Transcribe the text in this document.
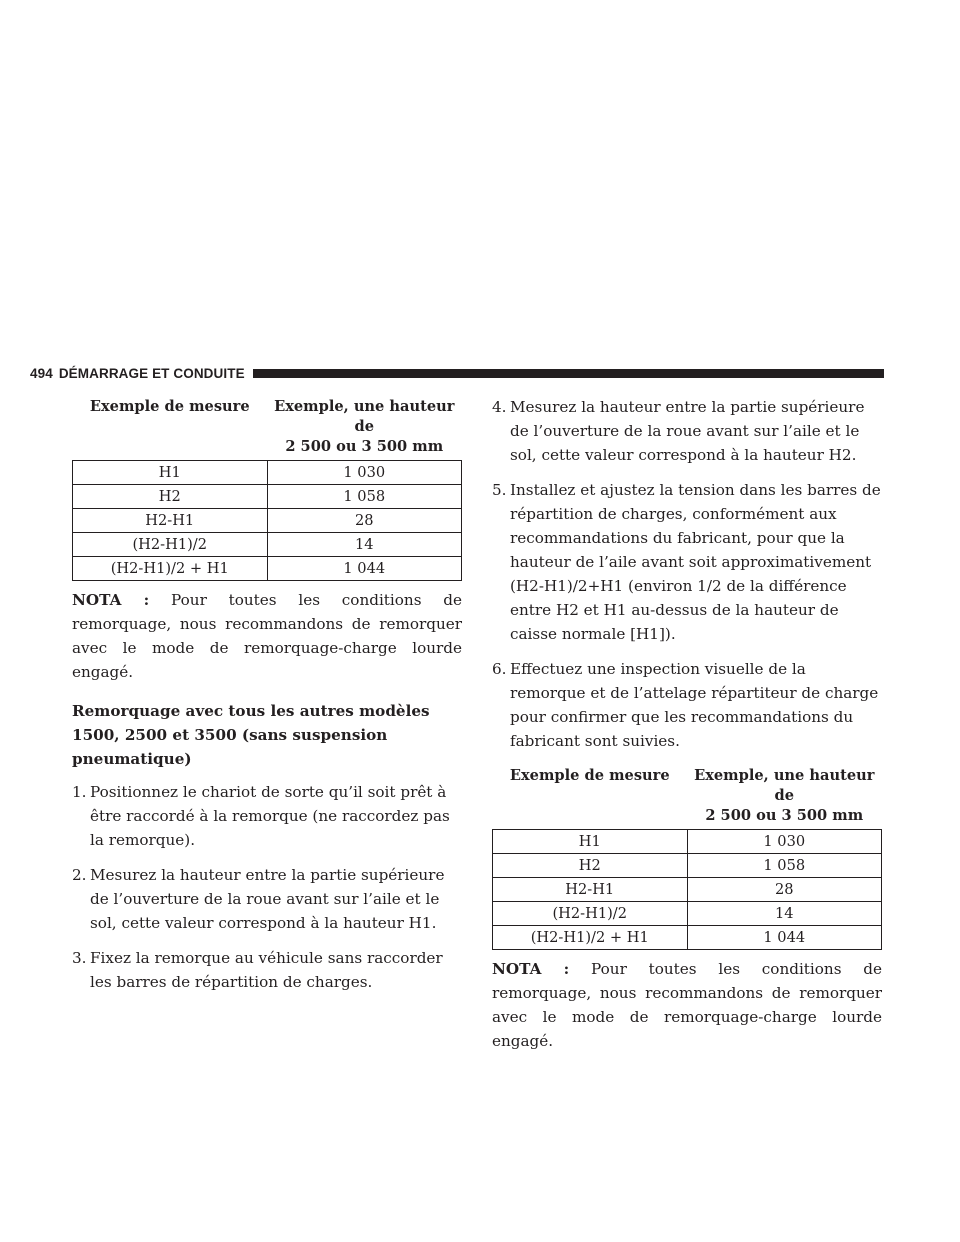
494 DÉMARRAGE ET CONDUITE
Exemple de mesure	Exemple, une hauteur de
2 500 ou 3 500 mm
H1	1 030
H2	1 058
H2-H1	28
(H2-H1)/2	14
(H2-H1)/2 + H1	1 044

NOTA : Pour toutes les conditions de remorquage, nous recommandons de remorquer avec le mode de remorquage-charge lourde engagé.

Remorquage avec tous les autres modèles 1500, 2500 et 3500 (sans suspension pneumatique)

1. Positionnez le chariot de sorte qu’il soit prêt à être raccordé à la remorque (ne raccordez pas la remorque).
2. Mesurez la hauteur entre la partie supérieure de l’ouverture de la roue avant sur l’aile et le sol, cette valeur correspond à la hauteur H1.
3. Fixez la remorque au véhicule sans raccorder les barres de répartition de charges.
4. Mesurez la hauteur entre la partie supérieure de l’ouverture de la roue avant sur l’aile et le sol, cette valeur correspond à la hauteur H2.
5. Installez et ajustez la tension dans les barres de répartition de charges, conformément aux recommandations du fabricant, pour que la hauteur de l’aile avant soit approximativement (H2-H1)/2+H1 (environ 1/2 de la différence entre H2 et H1 au-dessus de la hauteur de caisse normale [H1]).
6. Effectuez une inspection visuelle de la remorque et de l’attelage répartiteur de charge pour confirmer que les recommandations du fabricant sont suivies.
Exemple de mesure	Exemple, une hauteur de
2 500 ou 3 500 mm
H1	1 030
H2	1 058
H2-H1	28
(H2-H1)/2	14
(H2-H1)/2 + H1	1 044

NOTA : Pour toutes les conditions de remorquage, nous recommandons de remorquer avec le mode de remorquage-charge lourde engagé.
